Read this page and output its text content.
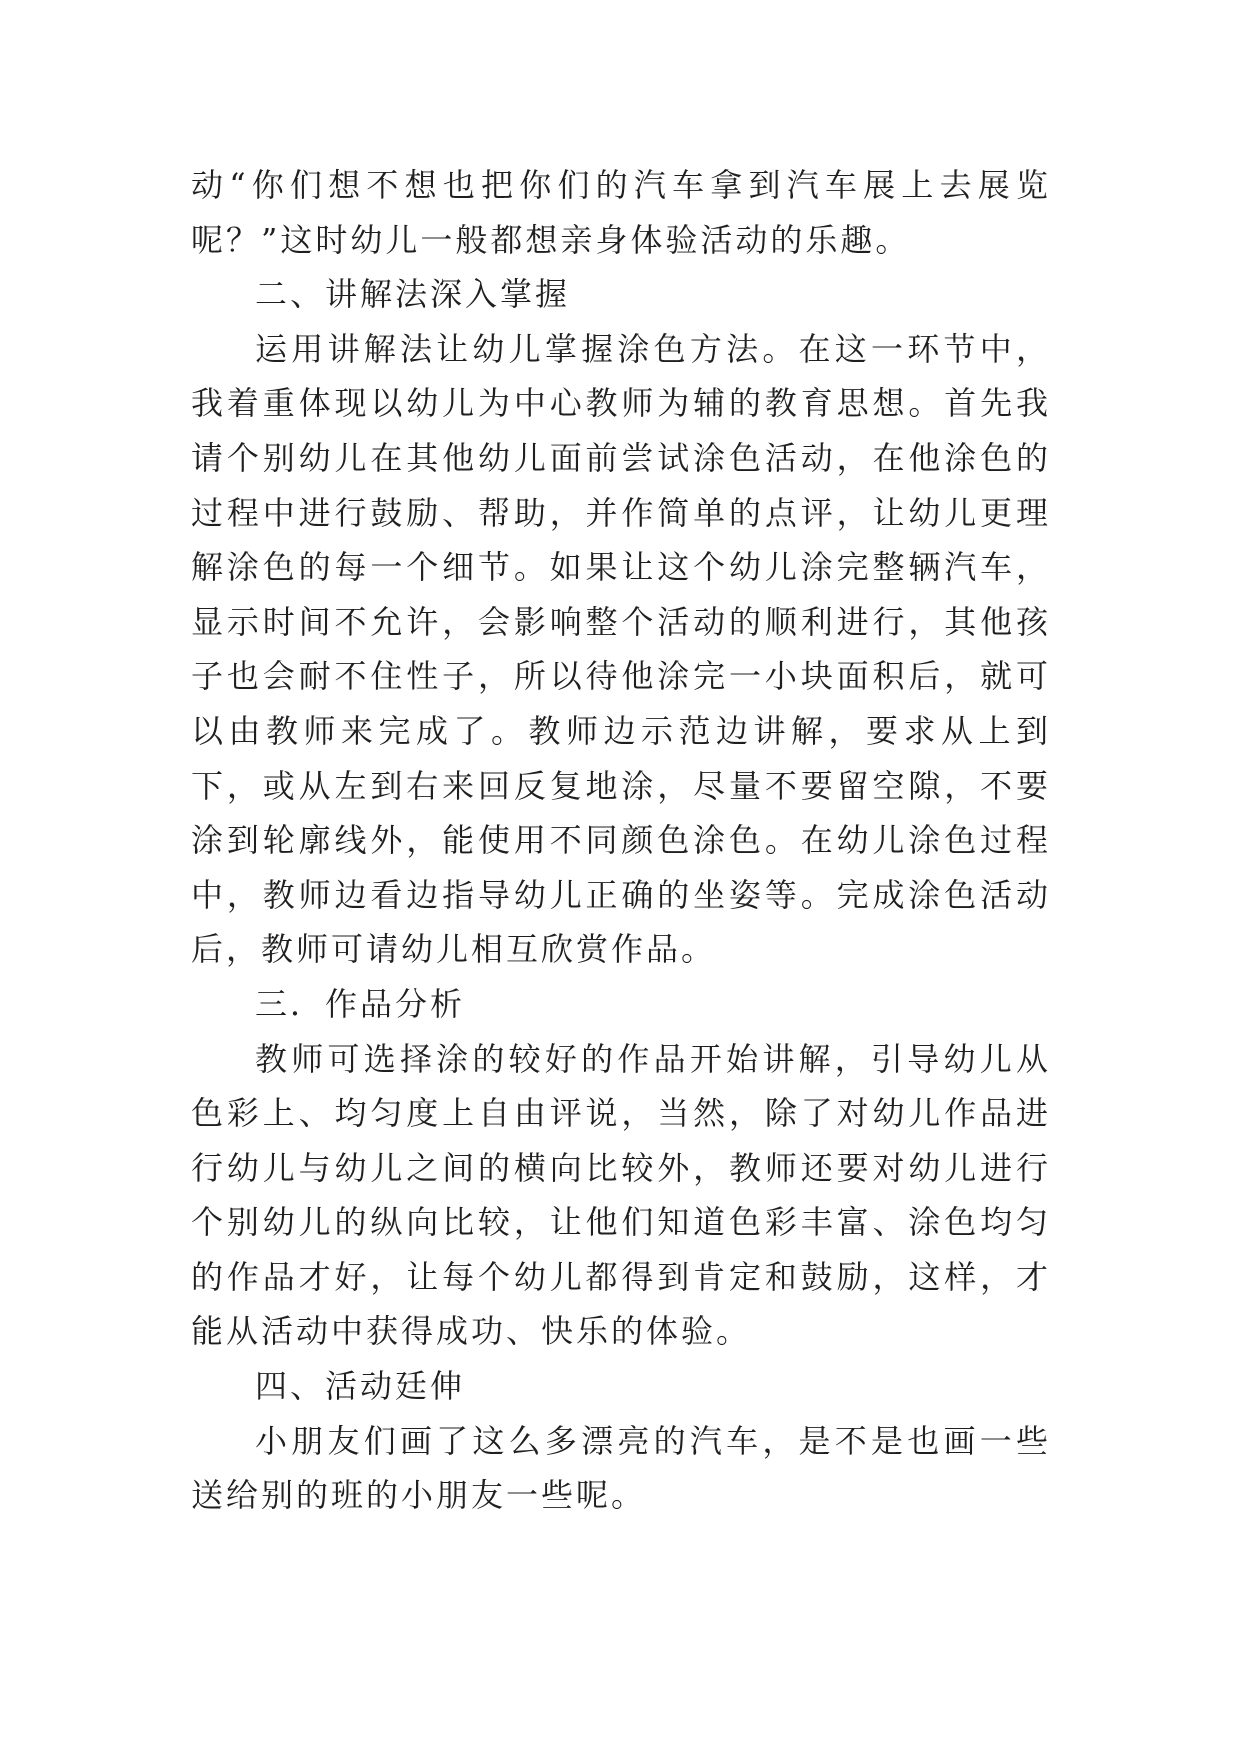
动“你们想不想也把你们的汽车拿到汽车展上去展览呢？”这时幼儿一般都想亲身体验活动的乐趣。

二、讲解法深入掌握

运用讲解法让幼儿掌握涂色方法。在这一环节中，我着重体现以幼儿为中心教师为辅的教育思想。首先我请个别幼儿在其他幼儿面前尝试涂色活动，在他涂色的过程中进行鼓励、帮助，并作简单的点评，让幼儿更理解涂色的每一个细节。如果让这个幼儿涂完整辆汽车，显示时间不允许，会影响整个活动的顺利进行，其他孩子也会耐不住性子，所以待他涂完一小块面积后，就可以由教师来完成了。教师边示范边讲解，要求从上到下，或从左到右来回反复地涂，尽量不要留空隙，不要涂到轮廓线外，能使用不同颜色涂色。在幼儿涂色过程中，教师边看边指导幼儿正确的坐姿等。完成涂色活动后，教师可请幼儿相互欣赏作品。

三．作品分析

教师可选择涂的较好的作品开始讲解，引导幼儿从色彩上、均匀度上自由评说，当然，除了对幼儿作品进行幼儿与幼儿之间的横向比较外，教师还要对幼儿进行个别幼儿的纵向比较，让他们知道色彩丰富、涂色均匀的作品才好，让每个幼儿都得到肯定和鼓励，这样，才能从活动中获得成功、快乐的体验。

四、活动廷伸

小朋友们画了这么多漂亮的汽车，是不是也画一些送给别的班的小朋友一些呢。
